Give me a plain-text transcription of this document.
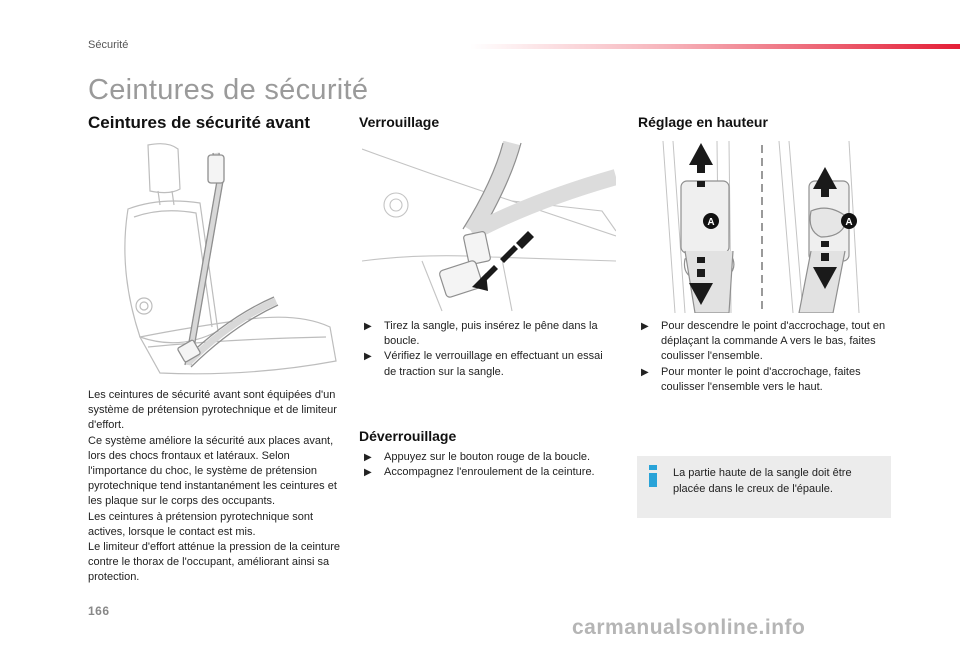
Sécurité
Ceintures de sécurité
Ceintures de sécurité avant	Verrouillage	Réglage en hauteur
A	A

Les ceintures de sécurité avant sont équipées d'un système de prétension pyrotechnique et de limiteur d'effort.

Ce système améliore la sécurité aux places avant, lors des chocs frontaux et latéraux. Selon l'importance du choc, le système de prétension pyrotechnique tend instantanément les ceintures et les plaque sur le corps des occupants.

Les ceintures à prétension pyrotechnique sont actives, lorsque le contact est mis.

Le limiteur d'effort atténue la pression de la ceinture contre le thorax de l'occupant, améliorant ainsi sa protection.

▶ Tirez la sangle, puis insérez le pêne dans la boucle.
▶ Vérifiez le verrouillage en effectuant un essai de traction sur la sangle.
Déverrouillage
▶ Appuyez sur le bouton rouge de la boucle.
▶ Accompagnez l'enroulement de la ceinture.
▶ Pour descendre le point d'accrochage, tout en déplaçant la commande A vers le bas, faites coulisser l'ensemble.
▶ Pour monter le point d'accrochage, faites coulisser l'ensemble vers le haut.
La partie haute de la sangle doit être placée dans le creux de l'épaule.
166
carmanualsonline.info
